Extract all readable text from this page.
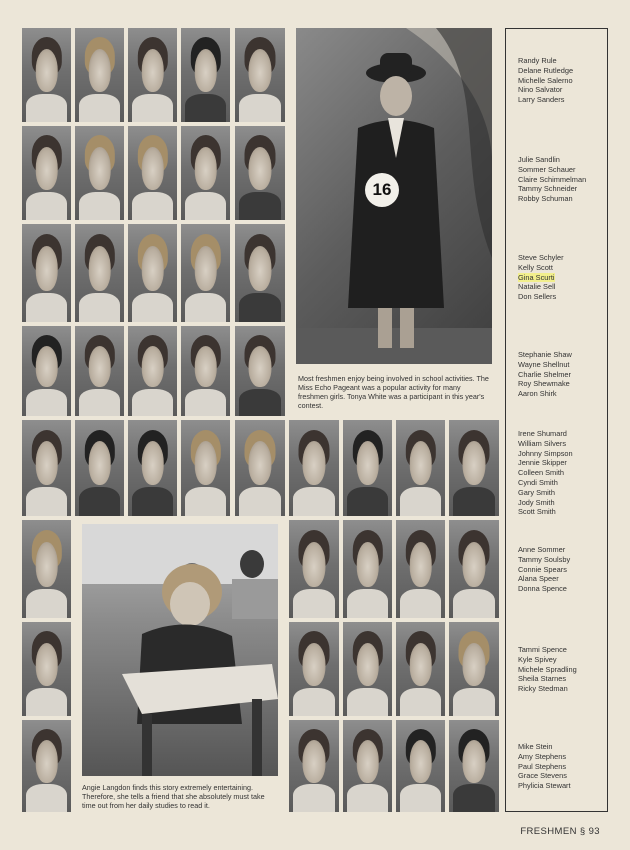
16

Most freshmen enjoy being involved in school activities. The Miss Echo Pageant was a popular activity for many freshmen girls. Tonya White was a participant in this year's contest.

Angie Langdon finds this story extremely entertaining. Therefore, she tells a friend that she absolutely must take time out from her daily studies to read it.

Randy Rule
Delane Rutledge
Michelle Salerno
Nino Salvator
Larry Sanders
Julie Sandlin
Sommer Schauer
Claire Schimmelman
Tammy Schneider
Robby Schuman
Steve Schyler
Kelly Scott
Gina Scurti
Natalie Sell
Don Sellers
Stephanie Shaw
Wayne Shellnut
Charlie Shelmer
Roy Shewmake
Aaron Shirk
Irene Shumard
William Silvers
Johnny Simpson
Jennie Skipper
Colleen Smith
Cyndi Smith
Gary Smith
Jody Smith
Scott Smith
Anne Sommer
Tammy Soulsby
Connie Spears
Alana Speer
Donna Spence
Tammi Spence
Kyle Spivey
Michele Spradling
Sheila Starnes
Ricky Stedman
Mike Stein
Amy Stephens
Paul Stephens
Grace Stevens
Phylicia Stewart
FRESHMEN § 93
